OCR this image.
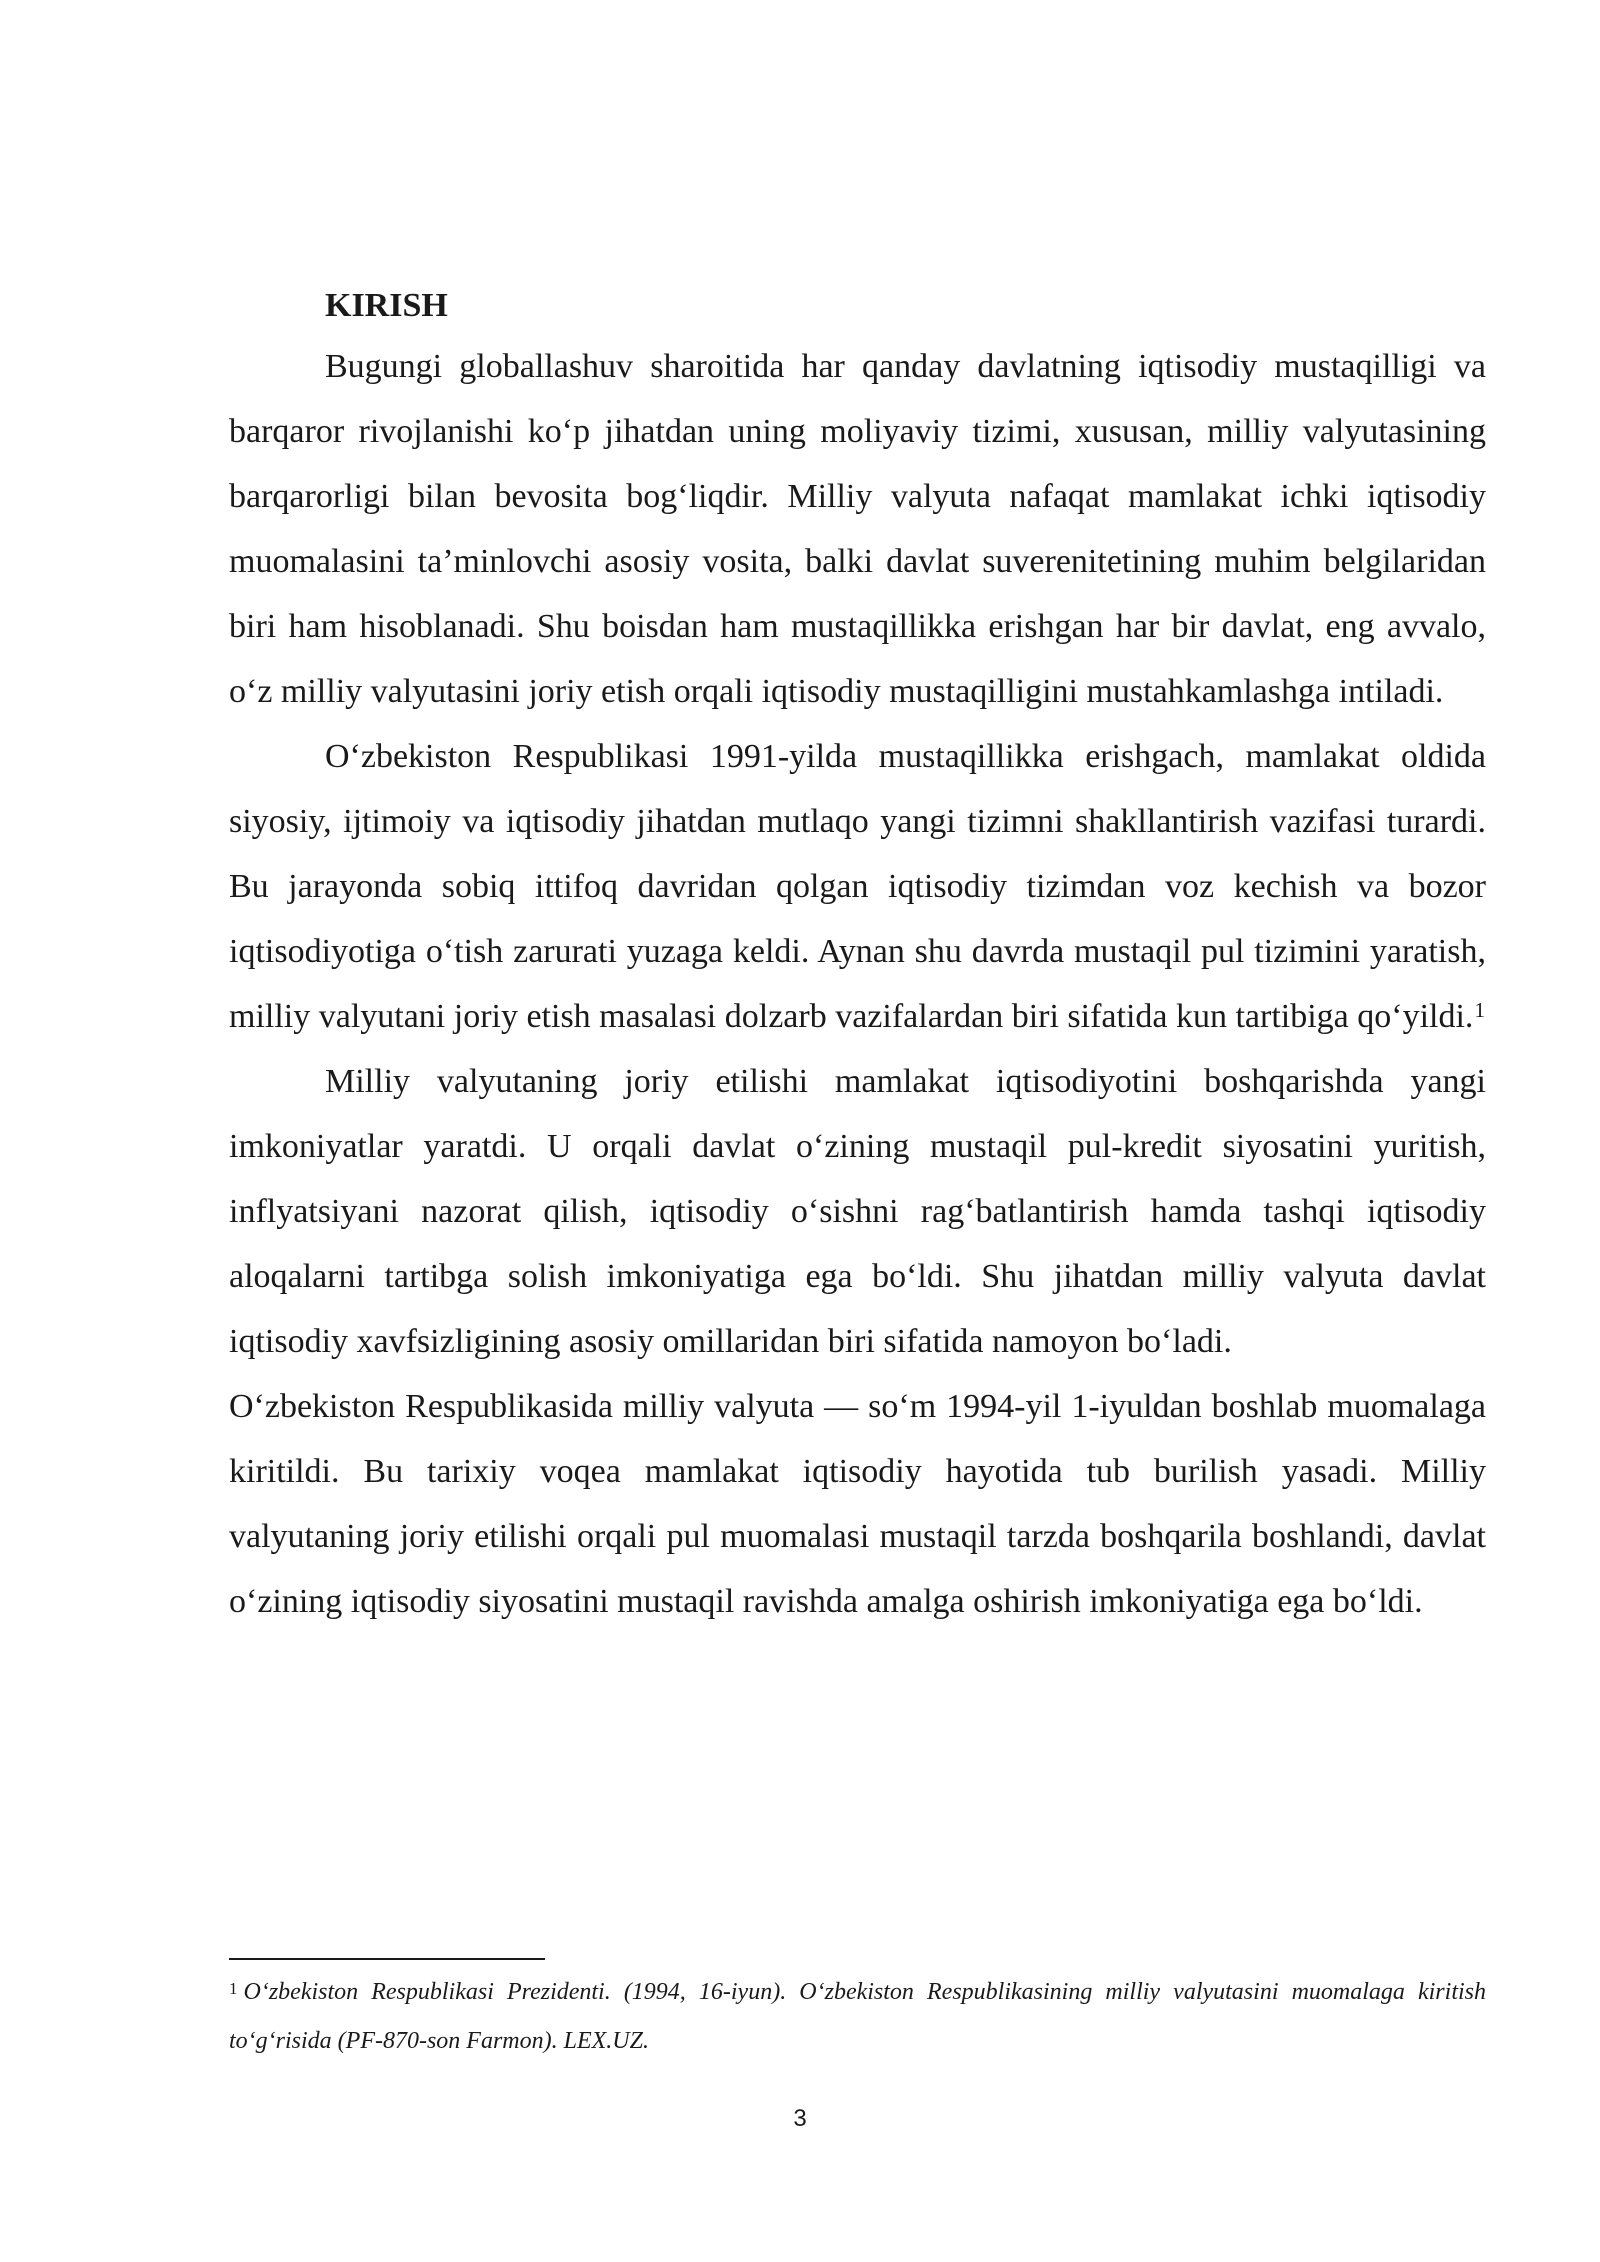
KIRISH

Bugungi globallashuv sharoitida har qanday davlatning iqtisodiy mustaqilligi va barqaror rivojlanishi ko‘p jihatdan uning moliyaviy tizimi, xususan, milliy valyutasining barqarorligi bilan bevosita bog‘liqdir. Milliy valyuta nafaqat mamlakat ichki iqtisodiy muomalasini ta’minlovchi asosiy vosita, balki davlat suverenitetining muhim belgilaridan biri ham hisoblanadi. Shu boisdan ham mustaqillikka erishgan har bir davlat, eng avvalo, o‘z milliy valyutasini joriy etish orqali iqtisodiy mustaqilligini mustahkamlashga intiladi.

O‘zbekiston Respublikasi 1991-yilda mustaqillikka erishgach, mamlakat oldida siyosiy, ijtimoiy va iqtisodiy jihatdan mutlaqo yangi tizimni shakllantirish vazifasi turardi. Bu jarayonda sobiq ittifoq davridan qolgan iqtisodiy tizimdan voz kechish va bozor iqtisodiyotiga o‘tish zarurati yuzaga keldi. Aynan shu davrda mustaqil pul tizimini yaratish, milliy valyutani joriy etish masalasi dolzarb vazifalardan biri sifatida kun tartibiga qo‘yildi.$^1$

Milliy valyutaning joriy etilishi mamlakat iqtisodiyotini boshqarishda yangi imkoniyatlar yaratdi. U orqali davlat o‘zining mustaqil pul-kredit siyosatini yuritish, inflyatsiyani nazorat qilish, iqtisodiy o‘sishni rag‘batlantirish hamda tashqi iqtisodiy aloqalarni tartibga solish imkoniyatiga ega bo‘ldi. Shu jihatdan milliy valyuta davlat iqtisodiy xavfsizligining asosiy omillaridan biri sifatida namoyon bo‘ladi.

O‘zbekiston Respublikasida milliy valyuta — so‘m 1994-yil 1-iyuldan boshlab muomalaga kiritildi. Bu tarixiy voqea mamlakat iqtisodiy hayotida tub burilish yasadi. Milliy valyutaning joriy etilishi orqali pul muomalasi mustaqil tarzda boshqarila boshlandi, davlat o‘zining iqtisodiy siyosatini mustaqil ravishda amalga oshirish imkoniyatiga ega bo‘ldi.

$^1$ O‘zbekiston Respublikasi Prezidenti. (1994, 16-iyun). O‘zbekiston Respublikasining milliy valyutasini muomalaga kiritish to‘g‘risida (PF-870-son Farmon). LEX.UZ.

3
